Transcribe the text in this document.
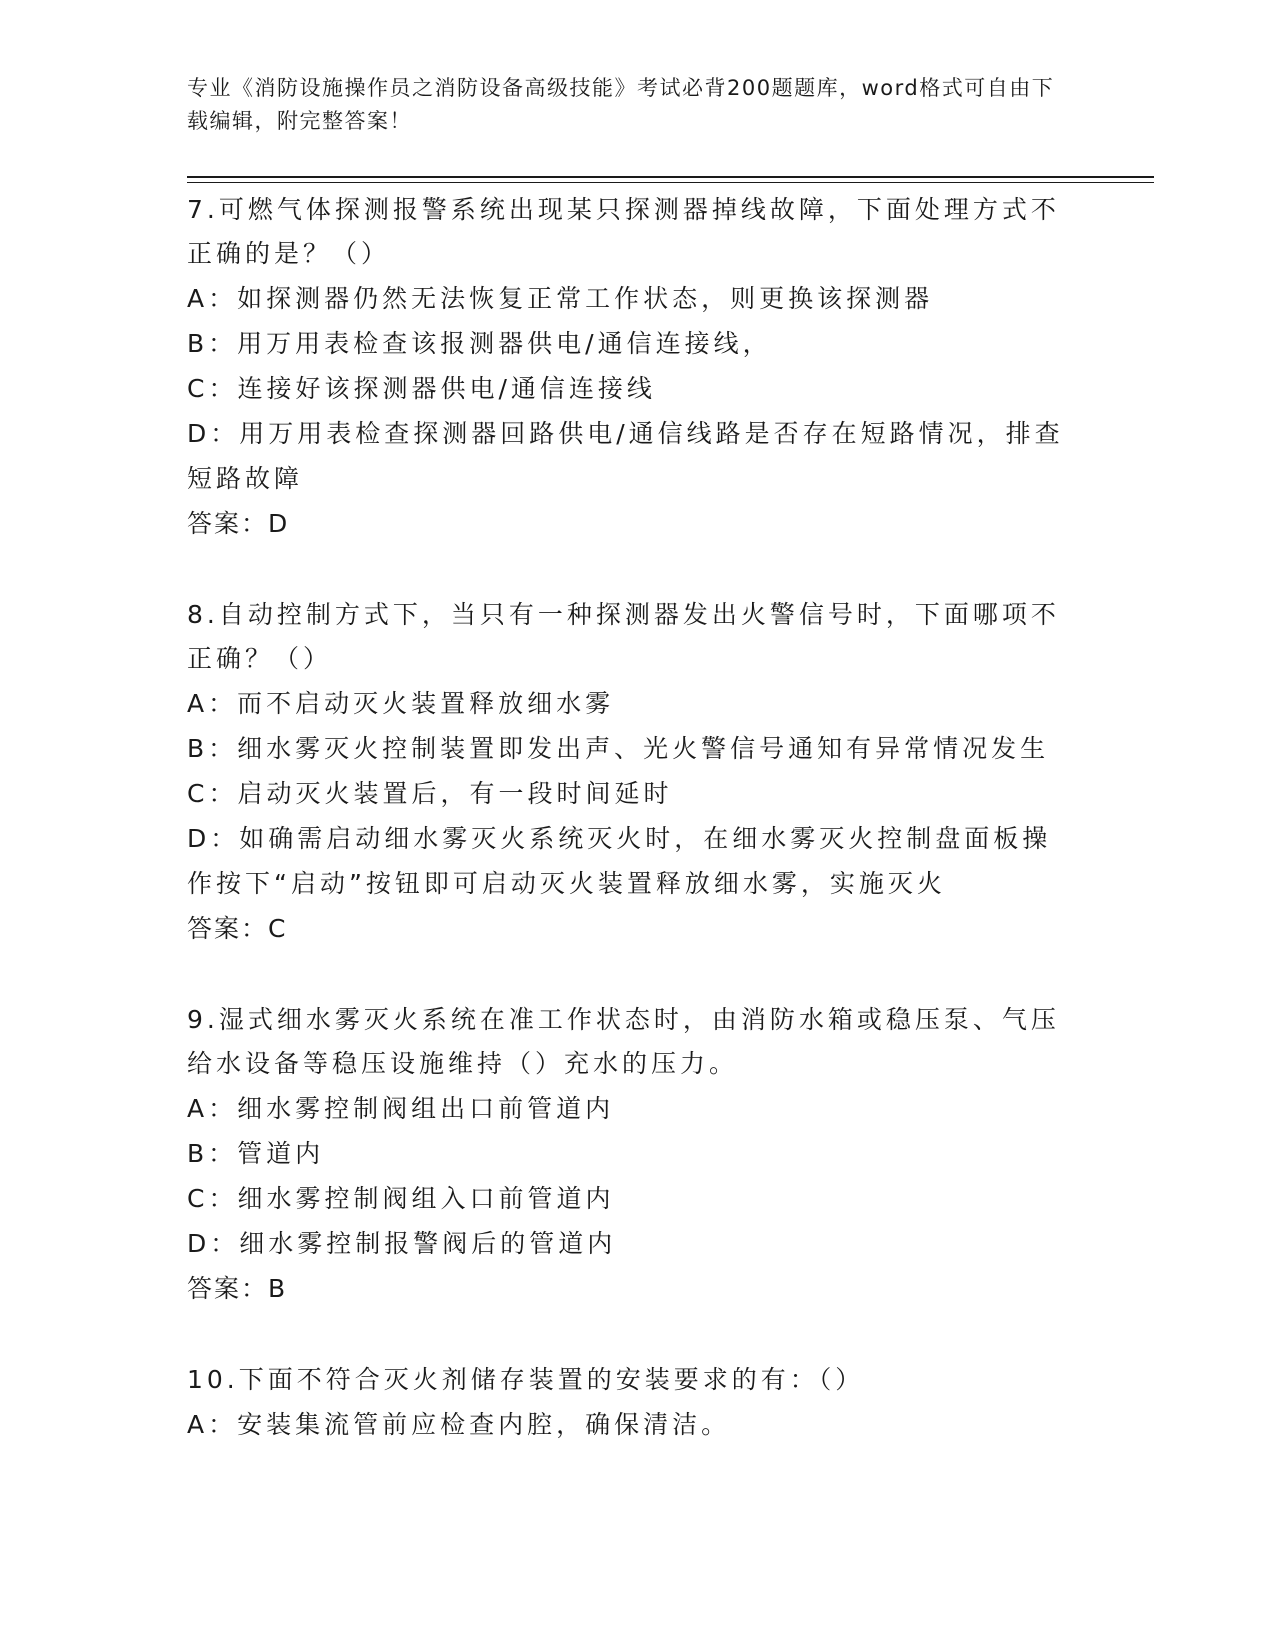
专业《消防设施操作员之消防设备高级技能》考试必背200题题库，word格式可自由下载编辑，附完整答案！
7.可燃气体探测报警系统出现某只探测器掉线故障，下面处理方式不正确的是？（）
A：如探测器仍然无法恢复正常工作状态，则更换该探测器
B：用万用表检查该报测器供电/通信连接线，
C：连接好该探测器供电/通信连接线
D：用万用表检查探测器回路供电/通信线路是否存在短路情况，排查短路故障
答案：D
8.自动控制方式下，当只有一种探测器发出火警信号时，下面哪项不正确？（）
A：而不启动灭火装置释放细水雾
B：细水雾灭火控制装置即发出声、光火警信号通知有异常情况发生
C：启动灭火装置后，有一段时间延时
D：如确需启动细水雾灭火系统灭火时，在细水雾灭火控制盘面板操作按下“启动”按钮即可启动灭火装置释放细水雾，实施灭火
答案：C
9.湿式细水雾灭火系统在准工作状态时，由消防水箱或稳压泵、气压给水设备等稳压设施维持（）充水的压力。
A：细水雾控制阀组出口前管道内
B：管道内
C：细水雾控制阀组入口前管道内
D：细水雾控制报警阀后的管道内
答案：B
10.下面不符合灭火剂储存装置的安装要求的有：（）
A：安装集流管前应检查内腔，确保清洁。
